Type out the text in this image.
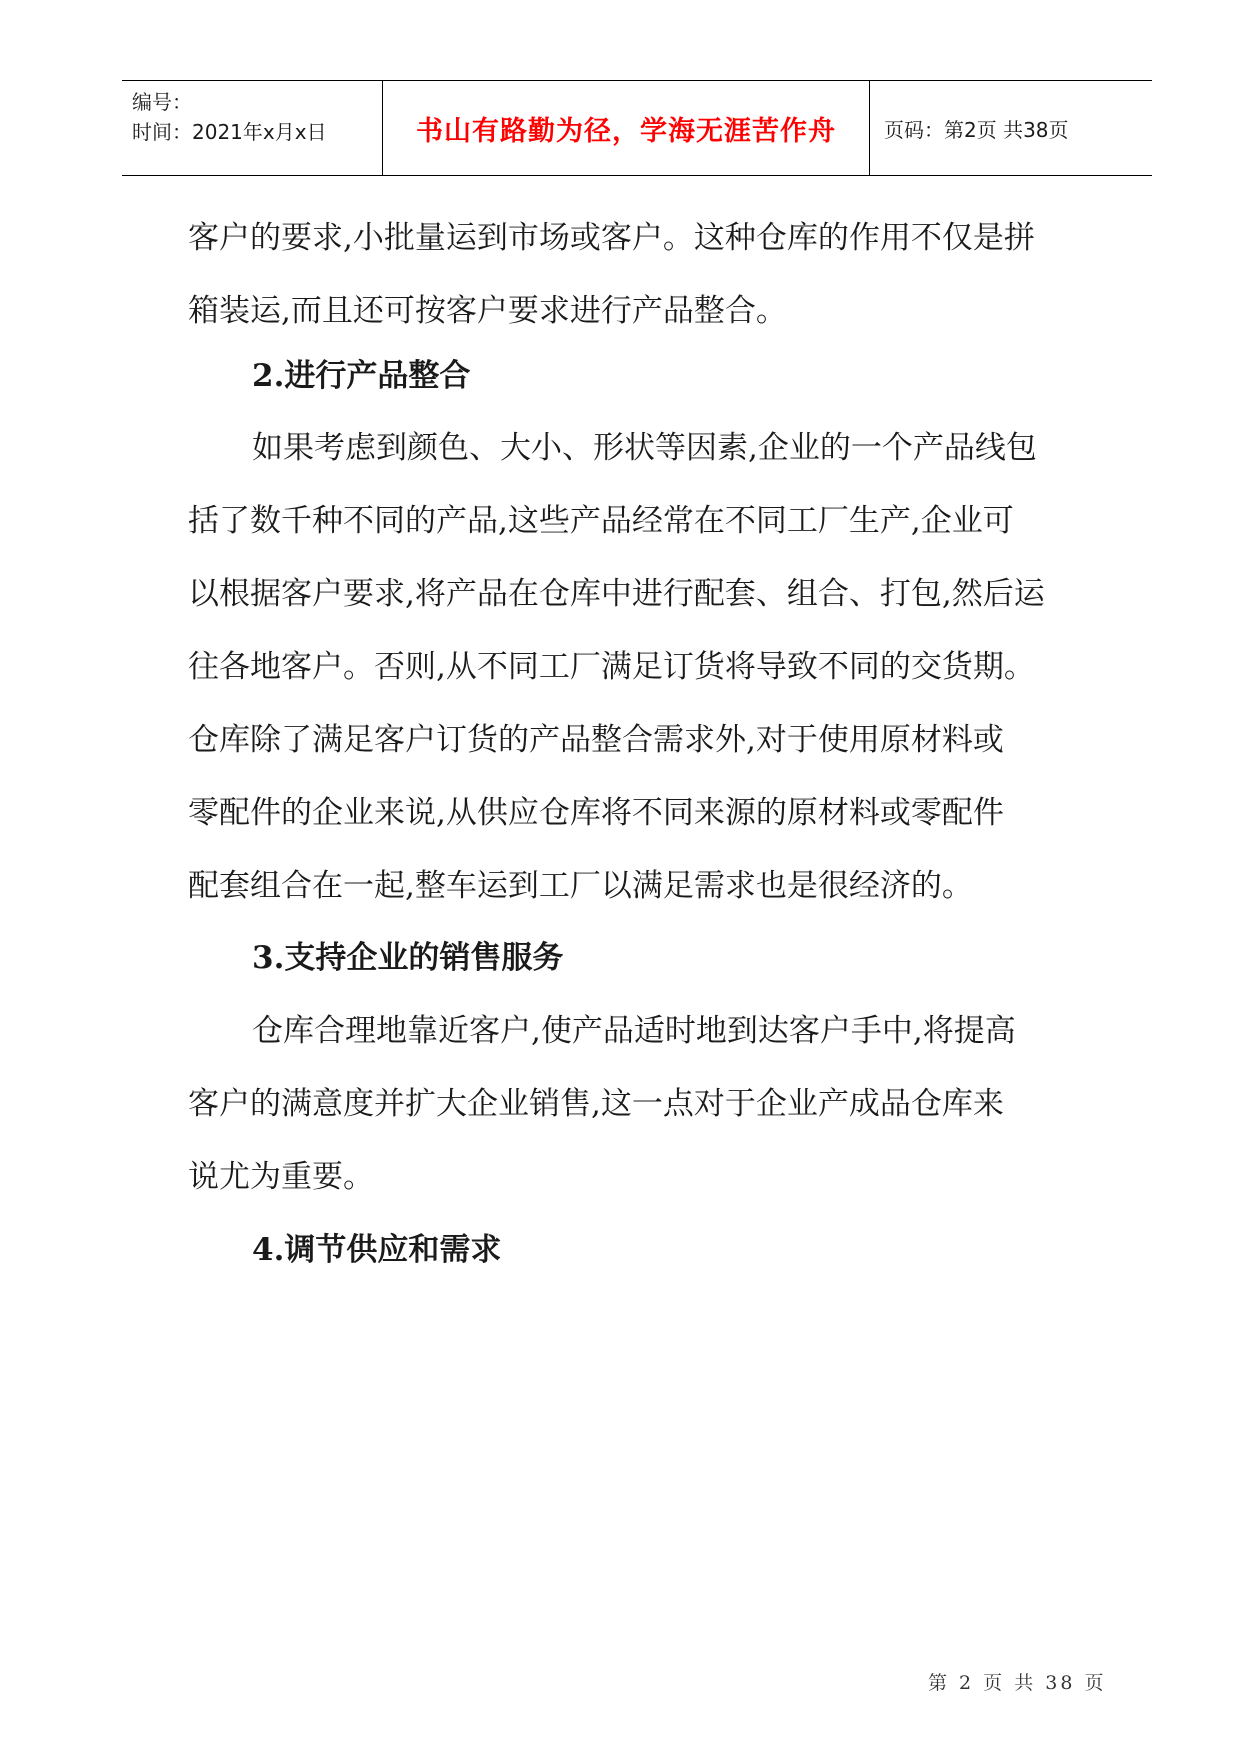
编号：
时间：2021年x月x日	书山有路勤为径，学海无涯苦作舟 页码：第2页 共38页
客户的要求,小批量运到市场或客户。这种仓库的作用不仅是拼
箱装运,而且还可按客户要求进行产品整合。
2.进行产品整合
如果考虑到颜色、大小、形状等因素,企业的一个产品线包
括了数千种不同的产品,这些产品经常在不同工厂生产,企业可
以根据客户要求,将产品在仓库中进行配套、组合、打包,然后运
往各地客户。否则,从不同工厂满足订货将导致不同的交货期。
仓库除了满足客户订货的产品整合需求外,对于使用原材料或
零配件的企业来说,从供应仓库将不同来源的原材料或零配件
配套组合在一起,整车运到工厂以满足需求也是很经济的。
3.支持企业的销售服务
仓库合理地靠近客户,使产品适时地到达客户手中,将提高
客户的满意度并扩大企业销售,这一点对于企业产成品仓库来
说尤为重要。
4.调节供应和需求
第 2 页 共 38 页
